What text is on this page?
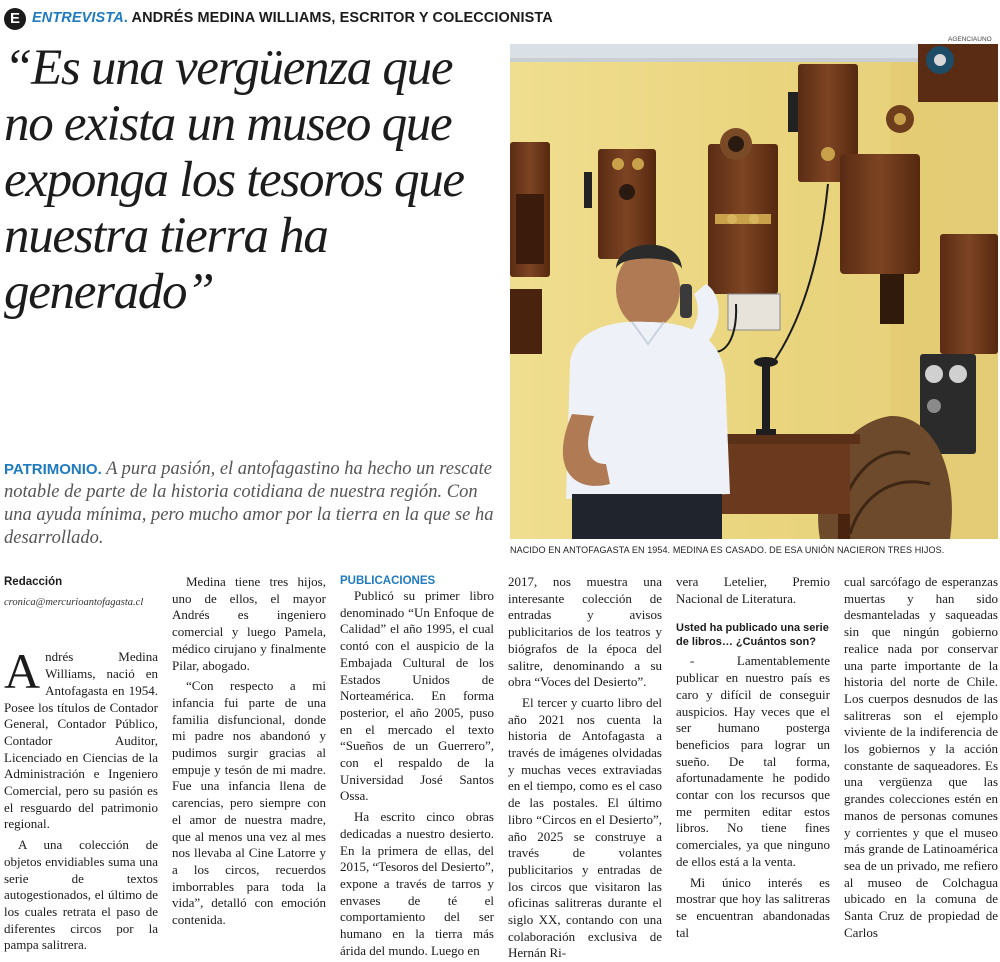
E ENTREVISTA. ANDRÉS MEDINA WILLIAMS, ESCRITOR Y COLECCIONISTA
“Es una vergüenza que no exista un museo que exponga los tesoros que nuestra tierra ha generado”
PATRIMONIO. A pura pasión, el antofagastino ha hecho un rescate notable de parte de la historia cotidiana de nuestra región. Con una ayuda mínima, pero mucho amor por la tierra en la que se ha desarrollado.
AGENCIAUNO
NACIDO EN ANTOFAGASTA EN 1954. MEDINA ES CASADO. DE ESA UNIÓN NACIERON TRES HIJOS.
Redacción
cronica@mercurioantofagasta.cl

Andrés Medina Williams, nació en Antofagasta en 1954. Posee los títulos de Contador General, Contador Público, Contador Auditor, Licenciado en Ciencias de la Administración e Ingeniero Comercial, pero su pasión es el resguardo del patrimonio regional.

A una colección de objetos envidiables suma una serie de textos autogestionados, el último de los cuales retrata el paso de diferentes circos por la pampa salitrera.

Medina tiene tres hijos, uno de ellos, el mayor Andrés es ingeniero comercial y luego Pamela, médico cirujano y finalmente Pilar, abogado.

“Con respecto a mi infancia fui parte de una familia disfuncional, donde mi padre nos abandonó y pudimos surgir gracias al empuje y tesón de mi madre. Fue una infancia llena de carencias, pero siempre con el amor de nuestra madre, que al menos una vez al mes nos llevaba al Cine Latorre y a los circos, recuerdos imborrables para toda la vida”, detalló con emoción contenida.

PUBLICACIONES

Publicó su primer libro denominado “Un Enfoque de Calidad” el año 1995, el cual contó con el auspicio de la Embajada Cultural de los Estados Unidos de Norteamérica. En forma posterior, el año 2005, puso en el mercado el texto “Sueños de un Guerrero”, con el respaldo de la Universidad José Santos Ossa.

Ha escrito cinco obras dedicadas a nuestro desierto. En la primera de ellas, del 2015, “Tesoros del Desierto”, expone a través de tarros y envases de té el comportamiento del ser humano en la tierra más árida del mundo. Luego en

2017, nos muestra una interesante colección de entradas y avisos publicitarios de los teatros y biógrafos de la época del salitre, denominando a su obra “Voces del Desierto”.

El tercer y cuarto libro del año 2021 nos cuenta la historia de Antofagasta a través de imágenes olvidadas y muchas veces extraviadas en el tiempo, como es el caso de las postales. El último libro “Circos en el Desierto”, año 2025 se construye a través de volantes publicitarios y entradas de los circos que visitaron las oficinas salitreras durante el siglo XX, contando con una colaboración exclusiva de Hernán Ri-

vera Letelier, Premio Nacional de Literatura.

Usted ha publicado una serie de libros… ¿Cuántos son?

- Lamentablemente publicar en nuestro país es caro y difícil de conseguir auspicios. Hay veces que el ser humano posterga beneficios para lograr un sueño. De tal forma, afortunadamente he podido contar con los recursos que me permiten editar estos libros. No tiene fines comerciales, ya que ninguno de ellos está a la venta.

Mi único interés es mostrar que hoy las salitreras se encuentran abandonadas tal

cual sarcófago de esperanzas muertas y han sido desmanteladas y saqueadas sin que ningún gobierno realice nada por conservar una parte importante de la historia del norte de Chile. Los cuerpos desnudos de las salitreras son el ejemplo viviente de la indiferencia de los gobiernos y la acción constante de saqueadores. Es una vergüenza que las grandes colecciones estén en manos de personas comunes y corrientes y que el museo más grande de Latinoamérica sea de un privado, me refiero al museo de Colchagua ubicado en la comuna de Santa Cruz de propiedad de Carlos
